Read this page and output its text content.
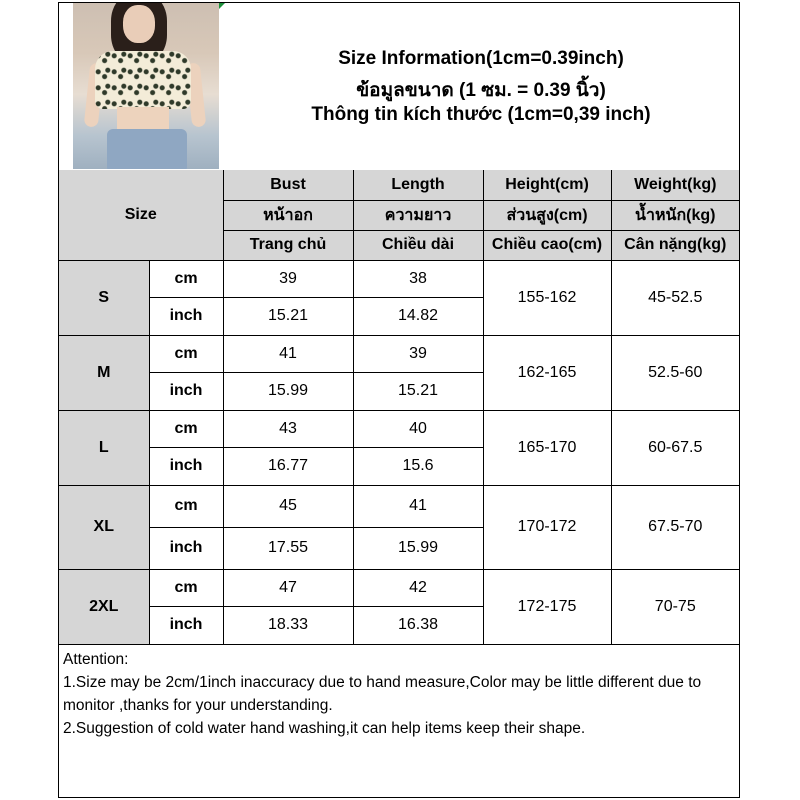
Size Information(1cm=0.39inch)
ข้อมูลขนาด (1 ซม. = 0.39 นิ้ว)
Thông tin kích thước (1cm=0,39 inch)
Size		Bust	Length	Height(cm)	Weight(kg)
		หน้าอก	ความยาว	ส่วนสูง(cm)	น้ำหนัก(kg)
		Trang chủ	Chiều dài	Chiều cao(cm)	Cân nặng(kg)
S	cm	39	38	155-162	45-52.5
	inch	15.21	14.82		
M	cm	41	39	162-165	52.5-60
	inch	15.99	15.21		
L	cm	43	40	165-170	60-67.5
	inch	16.77	15.6		
XL	cm	45	41	170-172	67.5-70
	inch	17.55	15.99		
2XL	cm	47	42	172-175	70-75
	inch	18.33	16.38		
Attention:
1.Size may be 2cm/1inch inaccuracy due to hand measure,Color may be little different due to monitor ,thanks for your understanding.
2.Suggestion of cold water hand washing,it can help items keep their shape.
